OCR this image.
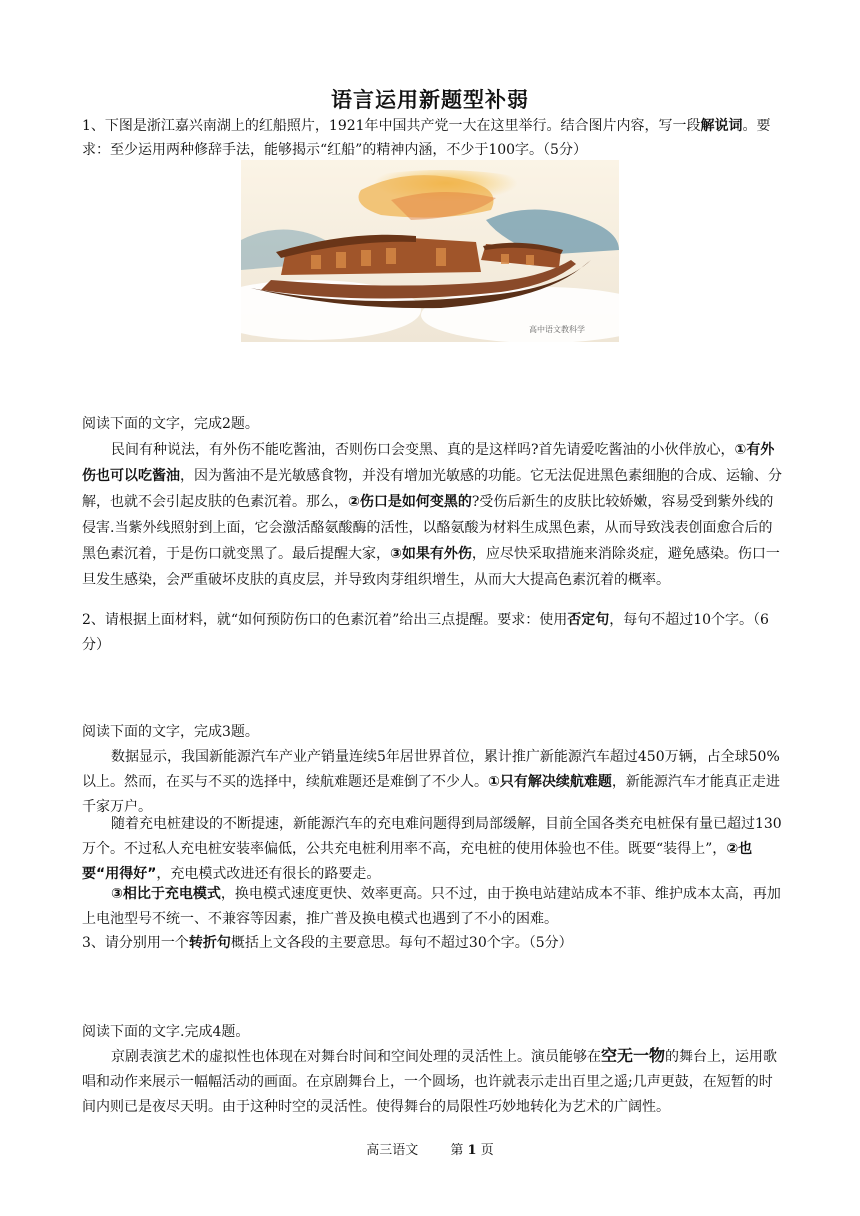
语言运用新题型补弱

1、下图是浙江嘉兴南湖上的红船照片，1921年中国共产党一大在这里举行。结合图片内容，写一段解说词。要求：至少运用两种修辞手法，能够揭示“红船”的精神内涵，不少于100字。（5分）

高中语文教科学

阅读下面的文字，完成2题。

民间有种说法，有外伤不能吃酱油，否则伤口会变黑、真的是这样吗?首先请爱吃酱油的小伙伴放心，①有外伤也可以吃酱油，因为酱油不是光敏感食物，并没有增加光敏感的功能。它无法促进黑色素细胞的合成、运输、分解，也就不会引起皮肤的色素沉着。那么，②伤口是如何变黑的?受伤后新生的皮肤比较娇嫩，容易受到紫外线的侵害.当紫外线照射到上面，它会激活酪氨酸酶的活性，以酪氨酸为材料生成黑色素，从而导致浅表创面愈合后的黑色素沉着，于是伤口就变黑了。最后提醒大家，③如果有外伤，应尽快采取措施来消除炎症，避免感染。伤口一旦发生感染，会严重破坏皮肤的真皮层，并导致肉芽组织增生，从而大大提高色素沉着的概率。

2、请根据上面材料，就“如何预防伤口的色素沉着”给出三点提醒。要求：使用否定句，每句不超过10个字。（6分）

阅读下面的文字，完成3题。

数据显示，我国新能源汽车产业产销量连续5年居世界首位，累计推广新能源汽车超过450万辆，占全球50%以上。然而，在买与不买的选择中，续航难题还是难倒了不少人。①只有解决续航难题，新能源汽车才能真正走进千家万户。

随着充电桩建设的不断提速，新能源汽车的充电难问题得到局部缓解，目前全国各类充电桩保有量已超过130万个。不过私人充电桩安装率偏低，公共充电桩利用率不高，充电桩的使用体验也不佳。既要“装得上”，②也要“用得好”，充电模式改进还有很长的路要走。

③相比于充电模式，换电模式速度更快、效率更高。只不过，由于换电站建站成本不菲、维护成本太高，再加上电池型号不统一、不兼容等因素，推广普及换电模式也遇到了不小的困难。

3、请分别用一个转折句概括上文各段的主要意思。每句不超过30个字。（5分）

阅读下面的文字.完成4题。

京剧表演艺术的虚拟性也体现在对舞台时间和空间处理的灵活性上。演员能够在空无一物的舞台上，运用歌唱和动作来展示一幅幅活动的画面。在京剧舞台上，一个圆场，也许就表示走出百里之遥;几声更鼓，在短暂的时间内则已是夜尽天明。由于这种时空的灵活性。使得舞台的局限性巧妙地转化为艺术的广阔性。

高三语文 第 1 页
